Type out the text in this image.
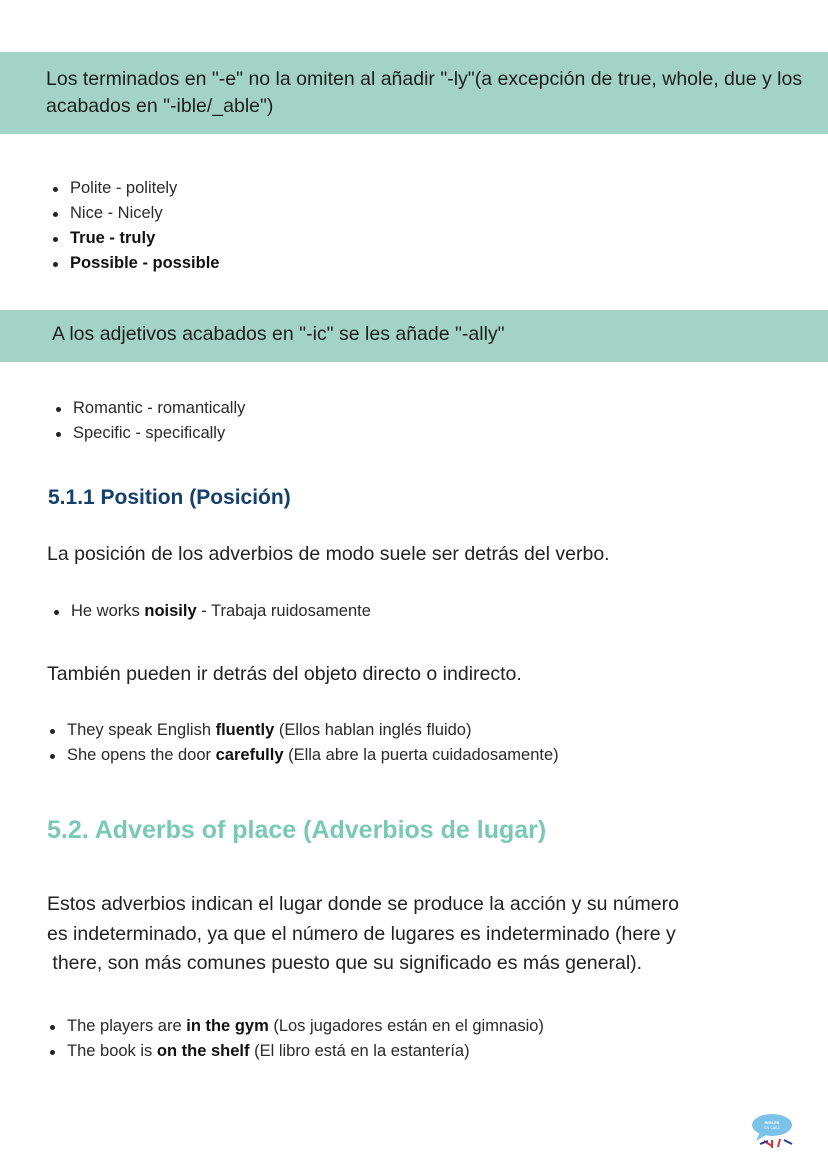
Los terminados en "-e" no la omiten al añadir "-ly"(a excepción de true, whole, due y los acabados en "-ible/_able")
Polite - politely
Nice - Nicely
True - truly
Possible - possible
A los adjetivos acabados en "-ic" se les añade "-ally"
Romantic - romantically
Specific - specifically
5.1.1 Position (Posición)

La posición de los adverbios de modo suele ser detrás del verbo.

He works noisily - Trabaja ruidosamente

También pueden ir detrás del objeto directo o indirecto.

They speak English fluently (Ellos hablan inglés fluido)
She opens the door carefully (Ella abre la puerta cuidadosamente)
5.2. Adverbs of place (Adverbios de lugar)
Estos adverbios indican el lugar donde se produce la acción y su número
es indeterminado, ya que el número de lugares es indeterminado (here y
there, son más comunes puesto que su significado es más general).
The players are in the gym (Los jugadores están en el gimnasio)
The book is on the shelf (El libro está en la estantería)
INGLÉS
EN CASA
